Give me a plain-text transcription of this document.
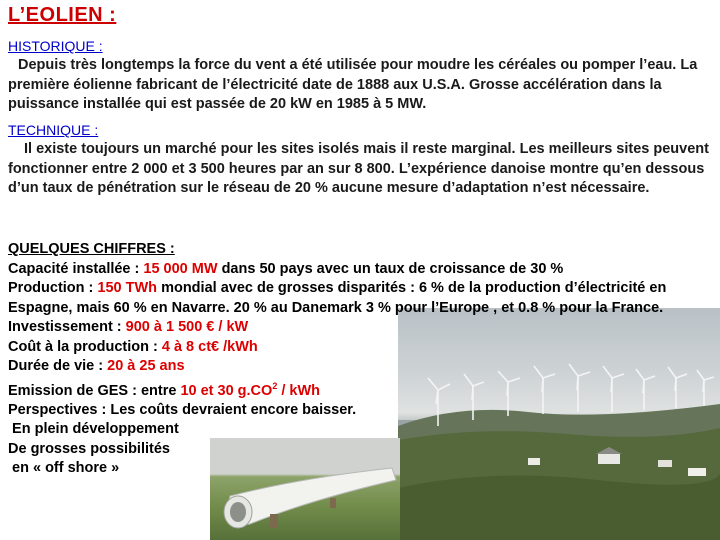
L’EOLIEN :
HISTORIQUE :
Depuis très longtemps la force du vent a été utilisée pour moudre les céréales ou pomper l’eau. La première éolienne fabricant de l’électricité date de 1888 aux U.S.A. Grosse accélération dans la puissance installée qui est passée de 20 kW en 1985 à 5 MW.
TECHNIQUE :
Il existe toujours un marché pour les sites isolés mais il reste marginal. Les meilleurs sites peuvent fonctionner entre 2 000 et 3 500 heures par an sur 8 800. L’expérience danoise montre qu’en dessous d’un taux de pénétration sur le réseau de 20 % aucune mesure d’adaptation n’est nécessaire.
QUELQUES CHIFFRES :
Capacité installée : 15 000 MW dans 50 pays avec un taux de croissance de 30 %
Production : 150 TWh mondial avec de grosses disparités : 6 % de la production d’électricité en Espagne, mais 60 % en Navarre. 20 % au Danemark 3 % pour l’Europe , et 0.8 % pour la France.
Investissement : 900 à 1 500 € / kW
Coût à la production : 4 à 8 ct€ /kWh
Durée de vie : 20 à 25 ans
Emission de GES : entre 10 et 30 $g.CO^2$ / kWh
Perspectives : Les coûts devraient encore baisser.
En plein développement
De grosses possibilités
en « off shore »
